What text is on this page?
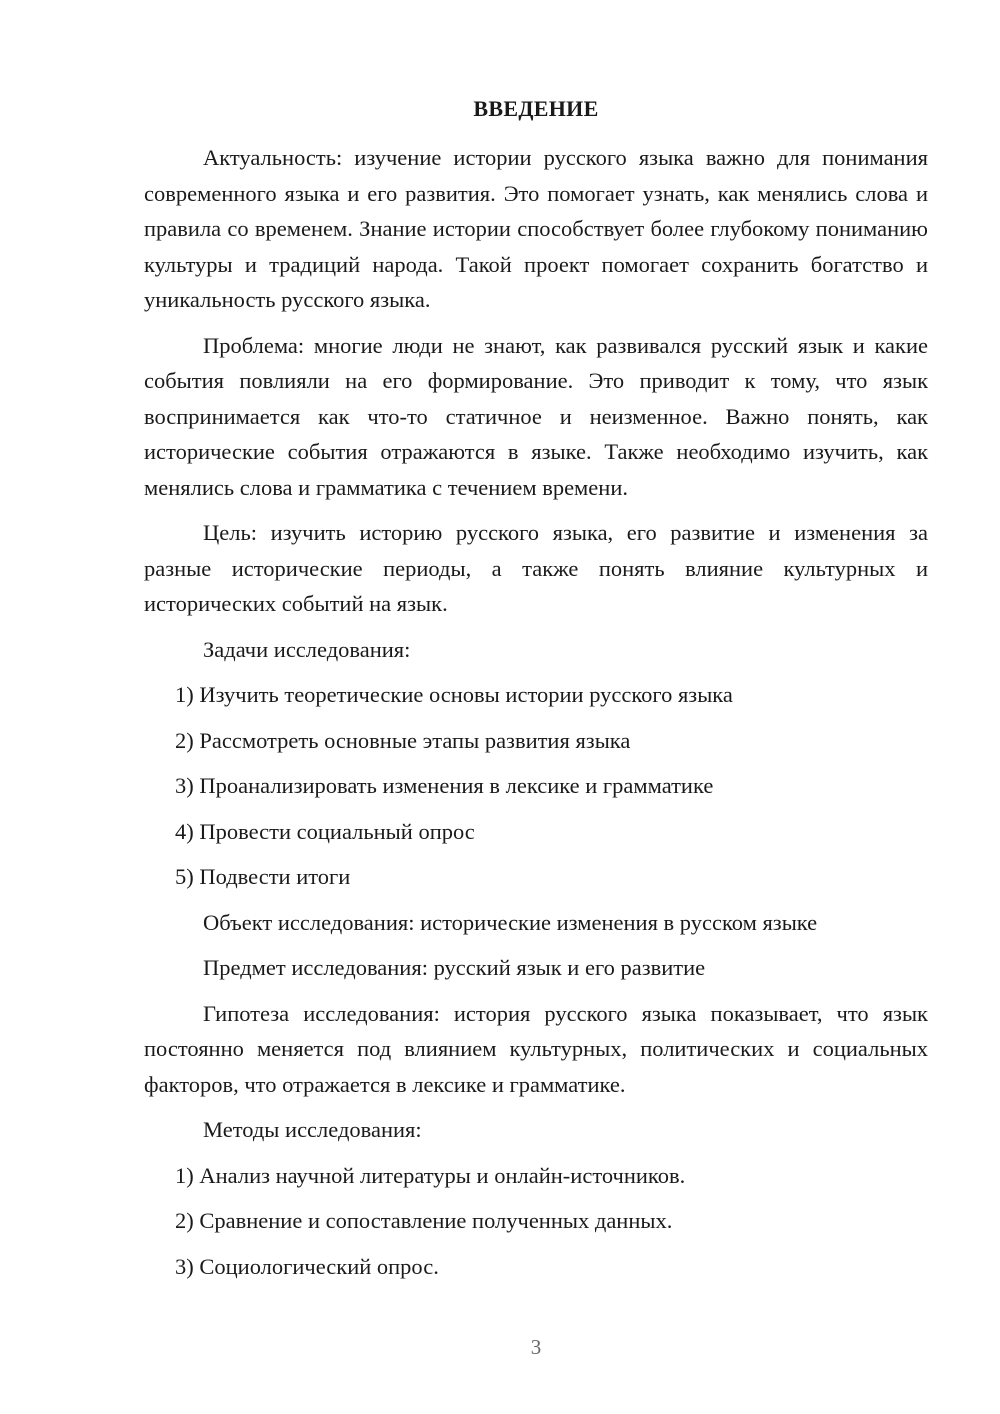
ВВЕДЕНИЕ

Актуальность: изучение истории русского языка важно для понимания современного языка и его развития. Это помогает узнать, как менялись слова и правила со временем. Знание истории способствует более глубокому пониманию культуры и традиций народа. Такой проект помогает сохранить богатство и уникальность русского языка.

Проблема: многие люди не знают, как развивался русский язык и какие события повлияли на его формирование. Это приводит к тому, что язык воспринимается как что-то статичное и неизменное. Важно понять, как исторические события отражаются в языке. Также необходимо изучить, как менялись слова и грамматика с течением времени.

Цель: изучить историю русского языка, его развитие и изменения за разные исторические периоды, а также понять влияние культурных и исторических событий на язык.

Задачи исследования:

1) Изучить теоретические основы истории русского языка

2) Рассмотреть основные этапы развития языка

3) Проанализировать изменения в лексике и грамматике

4) Провести социальный опрос

5) Подвести итоги

Объект исследования: исторические изменения в русском языке

Предмет исследования: русский язык и его развитие

Гипотеза исследования: история русского языка показывает, что язык постоянно меняется под влиянием культурных, политических и социальных факторов, что отражается в лексике и грамматике.

Методы исследования:

1) Анализ научной литературы и онлайн-источников.

2) Сравнение и сопоставление полученных данных.

3) Социологический опрос.

3
